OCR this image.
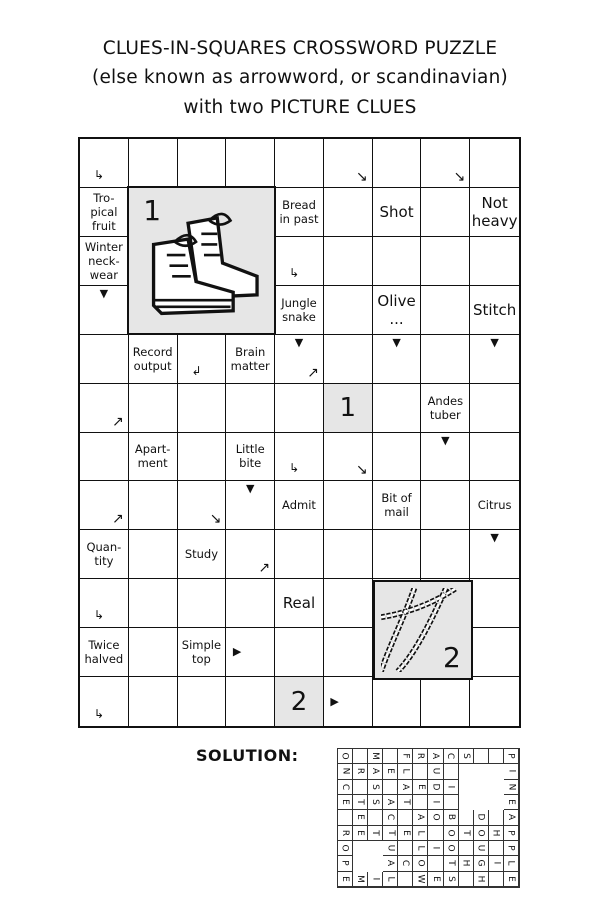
CLUES-IN-SQUARES CROSSWORD PUZZLE
(else known as arrowword, or scandinavian)
with two PICTURE CLUES
↳	↘	↘
Tro-
pical
fruit
Bread
in past	Shot	Not
heavy
Winter
neck-
wear
▼
↳
Jungle
snake
▼
Olive
...
▼
Stitch
▼
Record
output ↲
Brain
matter	↗
↗	1	Andes
tuber
▼
Apart-
ment
Little
bite
▼
↳	↘
↗	↘
Admit	Bit of
mail	Citrus
▼
Quan-
tity	Study
↗
↳
Real
Twice
halved
Simple
top
▶
↳	2 ▶
SOLUTION:	O M F R A C S	P
N R A E L U	I
C S A E D I	N
E T S A T I	E
E C A O B D A
R E T T E L O T O H P
O	U L I O U P
P	A C O T H G I L
E M I L W E S H E
1
2
